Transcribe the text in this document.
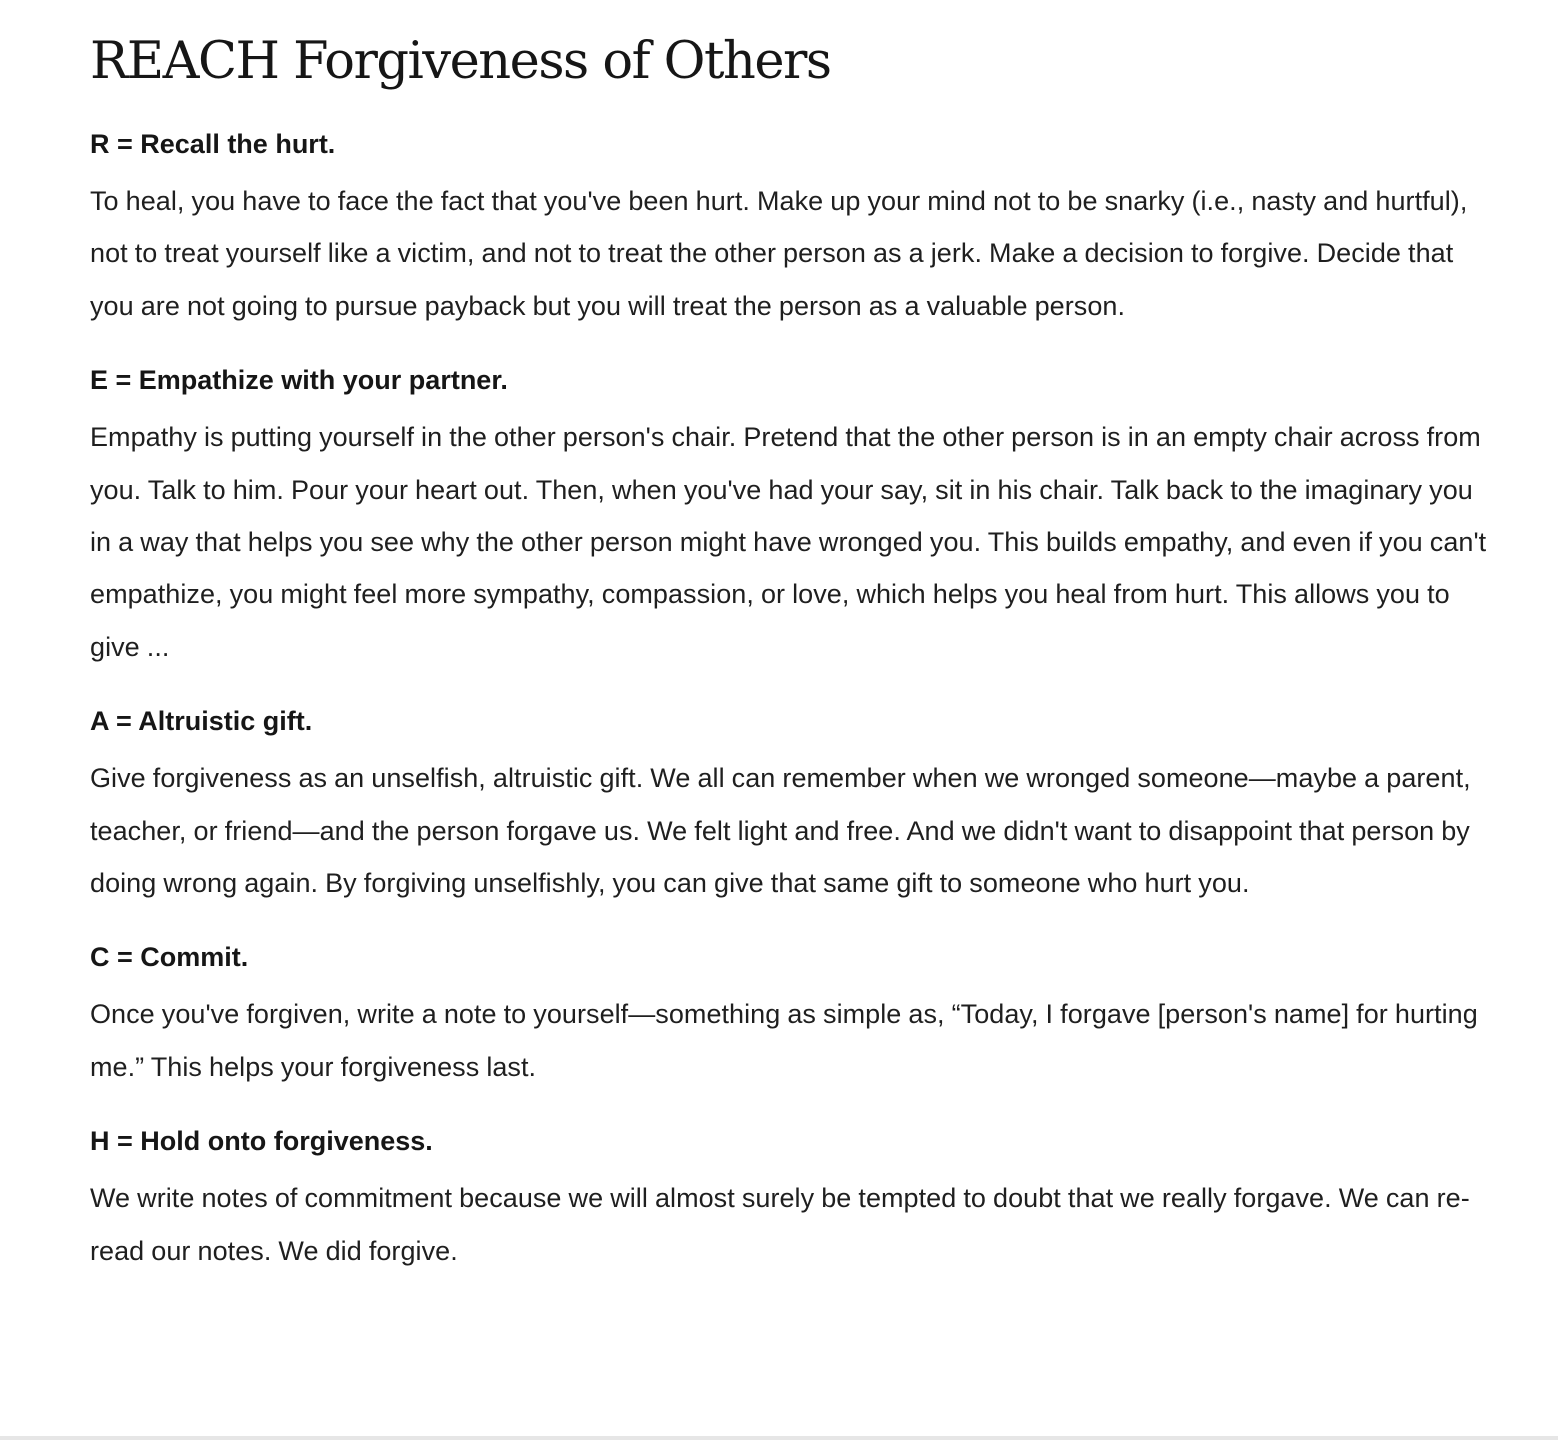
REACH Forgiveness of Others

R = Recall the hurt.

To heal, you have to face the fact that you've been hurt. Make up your mind not to be snarky (i.e., nasty and hurtful), not to treat yourself like a victim, and not to treat the other person as a jerk. Make a decision to forgive. Decide that you are not going to pursue payback but you will treat the person as a valuable person.

E = Empathize with your partner.

Empathy is putting yourself in the other person's chair. Pretend that the other person is in an empty chair across from you. Talk to him. Pour your heart out. Then, when you've had your say, sit in his chair. Talk back to the imaginary you in a way that helps you see why the other person might have wronged you. This builds empathy, and even if you can't empathize, you might feel more sympathy, compassion, or love, which helps you heal from hurt. This allows you to give ...

A = Altruistic gift.

Give forgiveness as an unselfish, altruistic gift. We all can remember when we wronged someone—maybe a parent, teacher, or friend—and the person forgave us. We felt light and free. And we didn't want to disappoint that person by doing wrong again. By forgiving unselfishly, you can give that same gift to someone who hurt you.

C = Commit.

Once you've forgiven, write a note to yourself—something as simple as, “Today, I forgave [person's name] for hurting me.” This helps your forgiveness last.

H = Hold onto forgiveness.

We write notes of commitment because we will almost surely be tempted to doubt that we really forgave. We can re-read our notes. We did forgive.
